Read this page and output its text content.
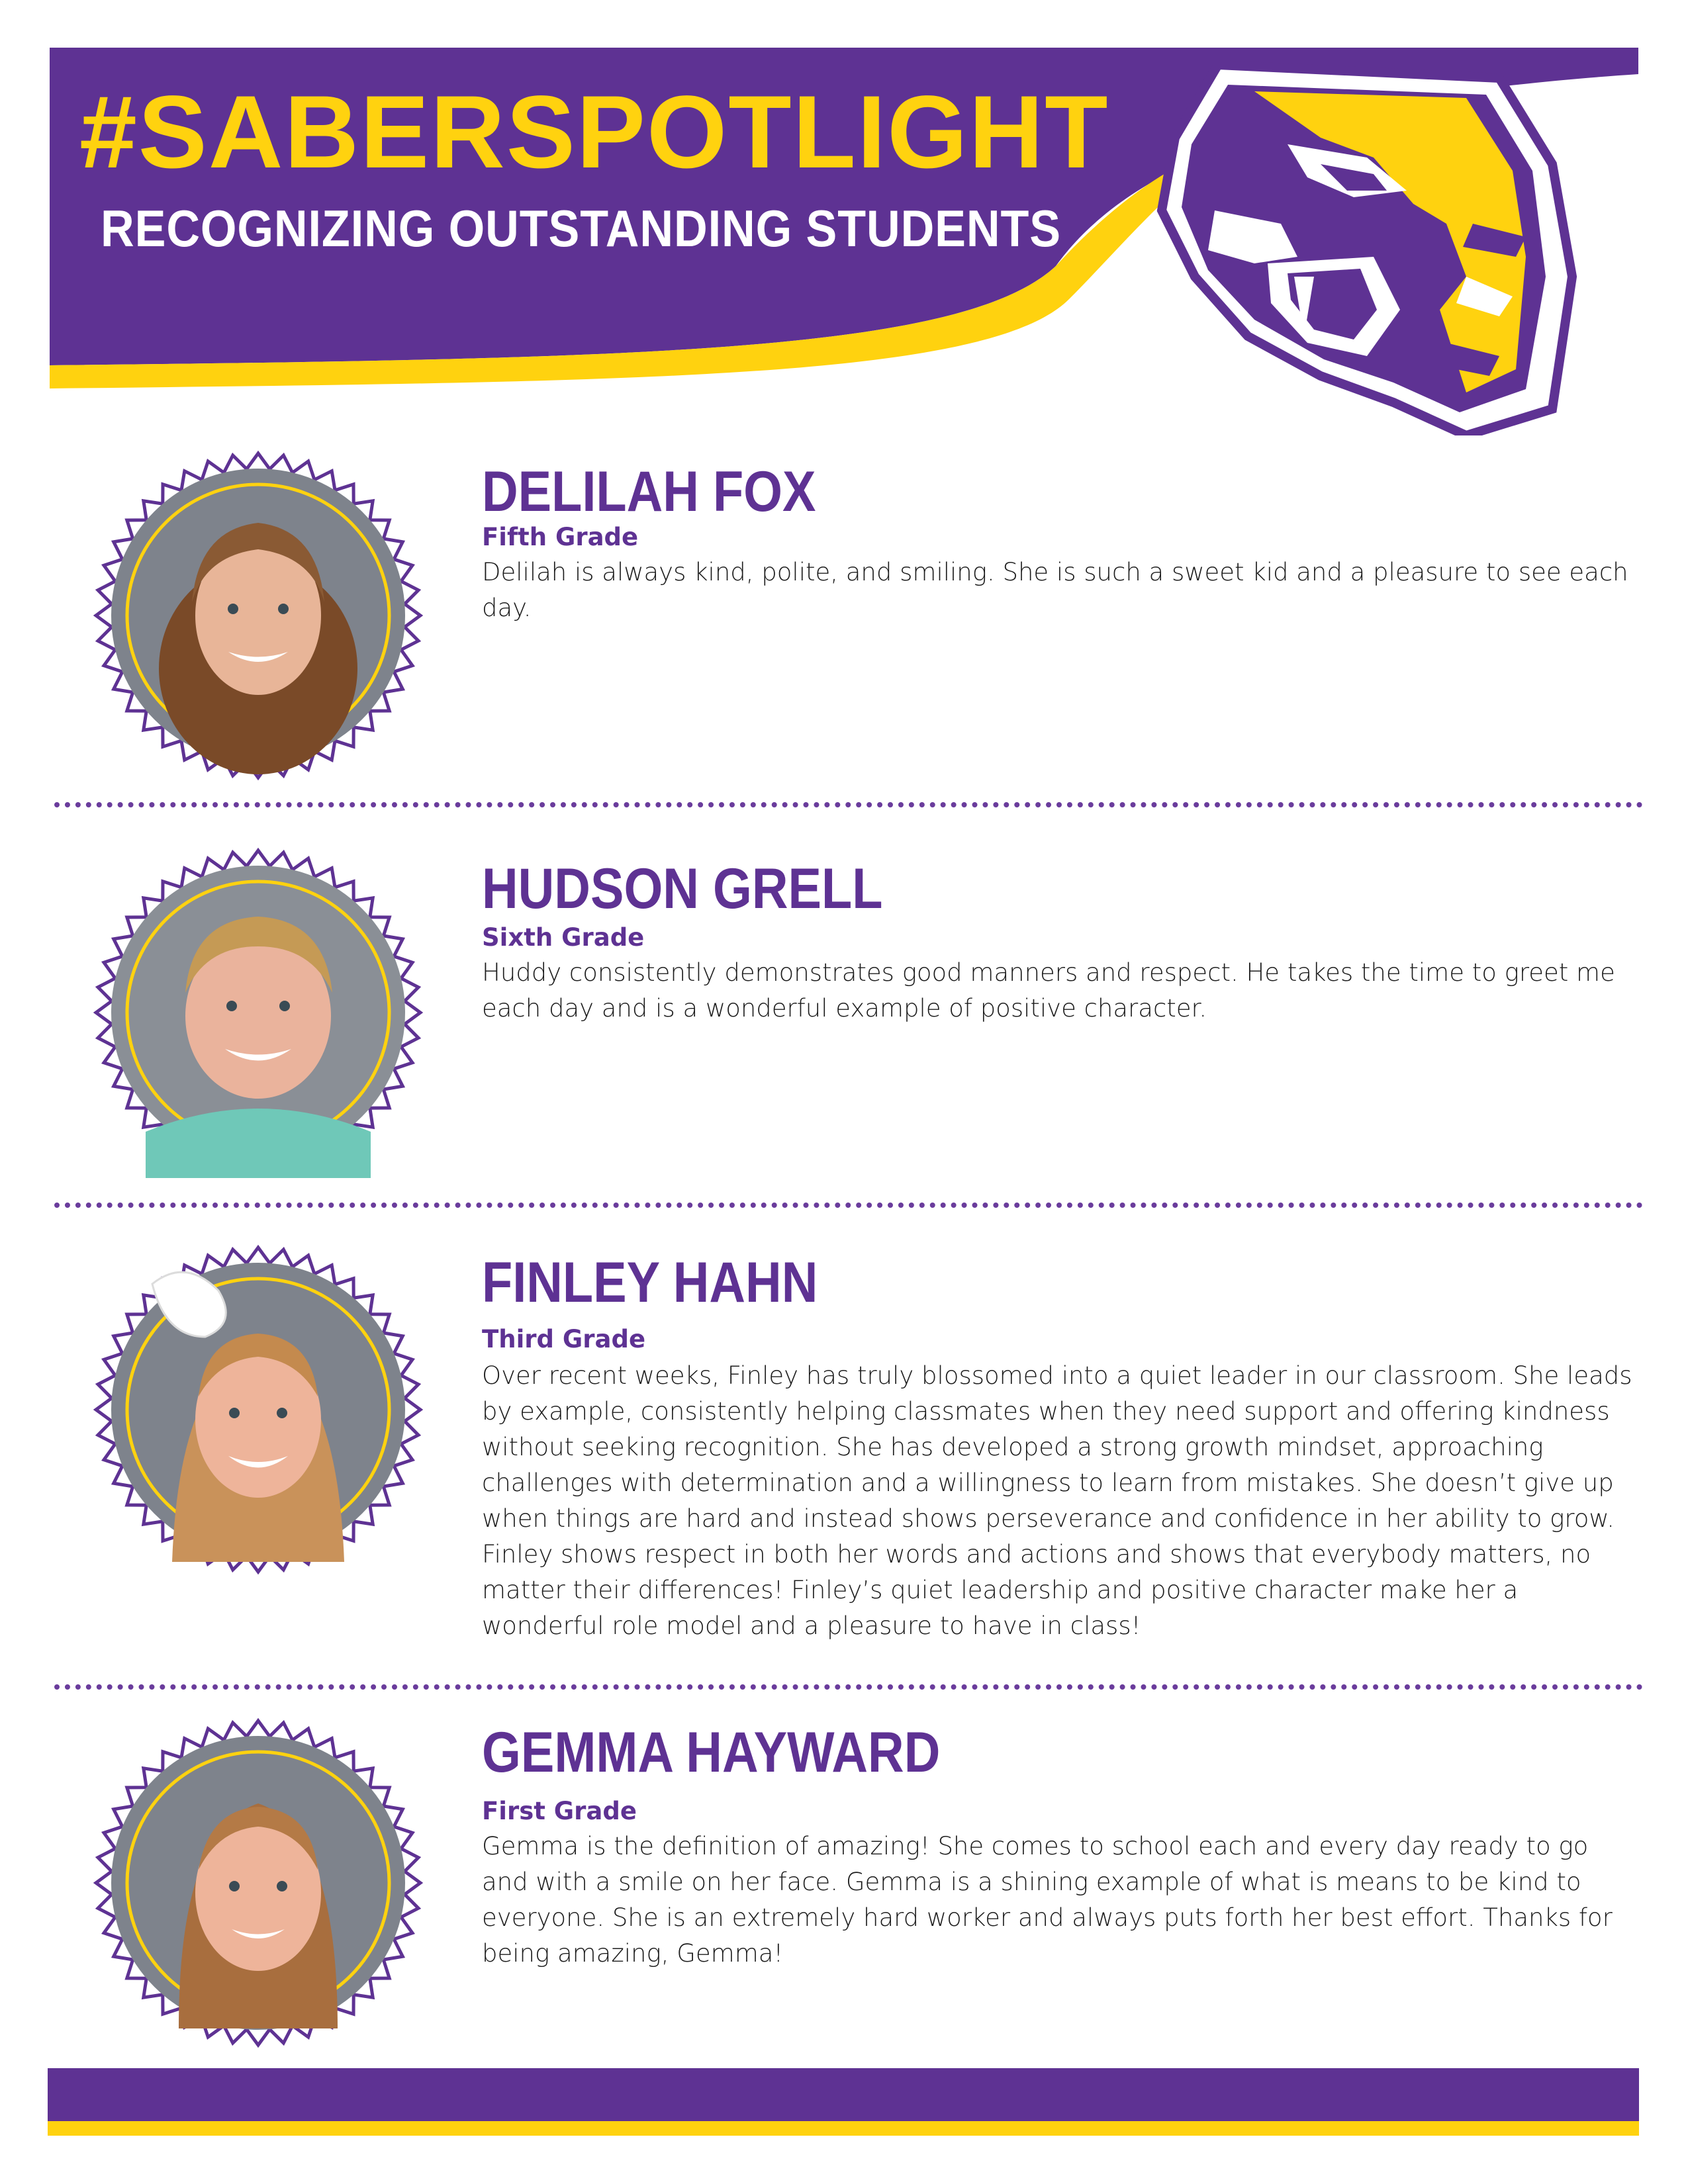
#SABERSPOTLIGHT
RECOGNIZING OUTSTANDING STUDENTS
DELILAH FOX

Fifth Grade

Delilah is always kind, polite, and smiling. She is such a sweet kid and a pleasure to see each day.

HUDSON GRELL

Sixth Grade

Huddy consistently demonstrates good manners and respect. He takes the time to greet me each day and is a wonderful example of positive character.

FINLEY HAHN

Third Grade

Over recent weeks, Finley has truly blossomed into a quiet leader in our classroom. She leads by example, consistently helping classmates when they need support and offering kindness without seeking recognition. She has developed a strong growth mindset, approaching challenges with determination and a willingness to learn from mistakes. She doesn’t give up when things are hard and instead shows perseverance and confidence in her ability to grow. Finley shows respect in both her words and actions and shows that everybody matters, no matter their differences! Finley’s quiet leadership and positive character make her a wonderful role model and a pleasure to have in class!

GEMMA HAYWARD

First Grade

Gemma is the definition of amazing! She comes to school each and every day ready to go and with a smile on her face. Gemma is a shining example of what is means to be kind to everyone. She is an extremely hard worker and always puts forth her best effort. Thanks for being amazing, Gemma!
